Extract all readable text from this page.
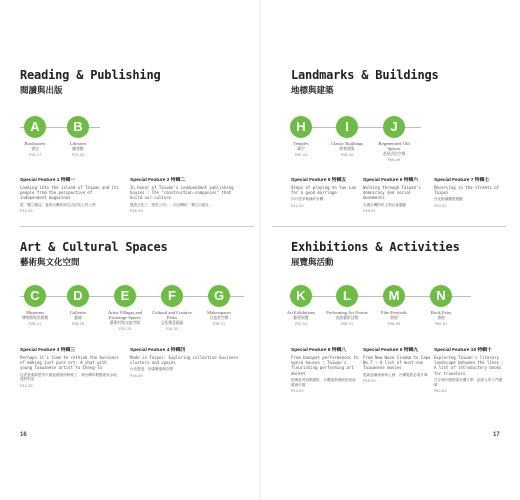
Reading & Publishing
閱讀與出版
A
Bookstores
書店
P16-17
B
Libraries
圖書館
P22-23
Special Feature 1 特輯一
Looking into the island of Taiwan and its people from the perspective of independent magazines
從「獨立雜誌」看看台灣島與生活於其上的人們
P32-35
Special Feature 2 特輯二
In honor of Taiwan's independent publishing houses : The "construction companies" that build our culture
感恩文化之「建設公司」：向台灣的「獨立出版社」
P36-39
Art & Cultural Spaces
藝術與文化空間
C
Museums
博物館與美術館
P26-27
D
Galleries
藝廊
P28-29
E
Artist Villages and Exchange Spaces
藝術村與交流空間
P32-33
F
Cultural and Creative Parks
文化創意園區
P34-35
G
Makerspaces
自造者空間
P36-37
Special Feature 3 特輯三
Perhaps it's time to rethink the business of making just pure art: A chat with young Taiwanese artist Yu Cheng-Ta
也許是重新思考只做純藝術的時候了：與台灣年輕藝術家余政達的對話
P32-35
Special Feature 4 特輯四
Made in Taipei: Exploring collective business clusters and spaces
台北製造：探索聚落與空間
P36-39
Landmarks & Buildings
地標與建築
H
Temples
廟宇
P40-41
I
Classic Buildings
經典建築
P44-45
J
Regenerated Old Spaces
老屋活化空間
P46-49
Special Feature 5 特輯五
Steps of praying to Yue Lao for a good marriage
向月老求姻緣的步驟
P42-43
Special Feature 6 特輯六
Walking through Taiwan's democracy and social movements
走過台灣的民主與社會運動
P46-47
Special Feature 7 特輯七
Observing in the streets of Taipei
台北街頭觀察運動
P50-51
Exhibitions & Activities
展覽與活動
K
Art Exhibitions
藝術展覽
P52-53
L
Performing Art Events
表演藝術活動
P56-57
M
Film Festivals
影展
P58-59
N
Book Fairs
書展
P60-61
Special Feature 8 特輯八
From banquet performances to opera houses : Taiwan's flourishing performing art market
從辦桌秀到歌劇院：台灣蓬勃發展的表演藝術市場
P54-55
Special Feature 9 特輯九
From New Wave Cinema to Cape No.7 : A list of must-see Taiwanese movies
從新浪潮到海角七號：台灣電影必看片單
P58-59
Special Feature 10 特輯十
Exploring Taiwan's literary landscape between the lines : A list of introductory books for travelers
在字裡行間探索台灣文學：給旅人的入門書單
P62-63
16	17
